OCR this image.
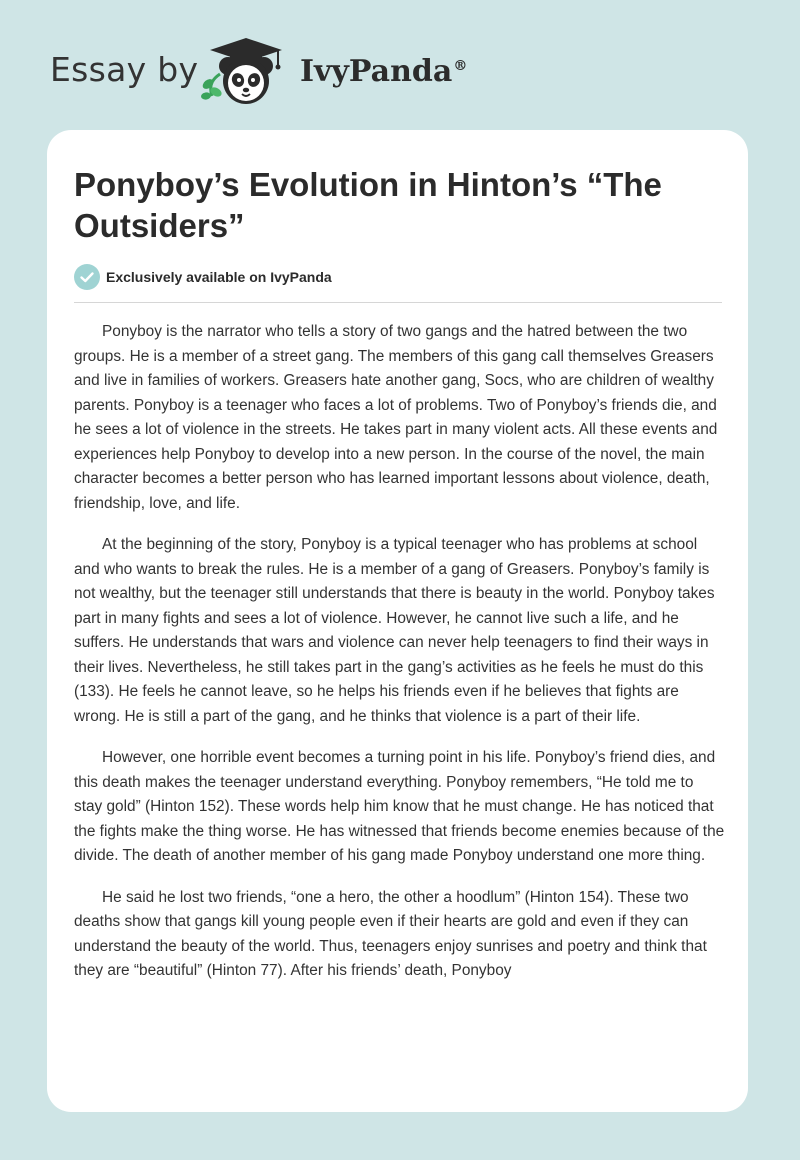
Essay by	IvyPanda®
Ponyboy’s Evolution in Hinton’s “The Outsiders”
Exclusively available on IvyPanda

Ponyboy is the narrator who tells a story of two gangs and the hatred between the two groups. He is a member of a street gang. The members of this gang call themselves Greasers and live in families of workers. Greasers hate another gang, Socs, who are children of wealthy parents. Ponyboy is a teenager who faces a lot of problems. Two of Ponyboy’s friends die, and he sees a lot of violence in the streets. He takes part in many violent acts. All these events and experiences help Ponyboy to develop into a new person. In the course of the novel, the main character becomes a better person who has learned important lessons about violence, death, friendship, love, and life.

At the beginning of the story, Ponyboy is a typical teenager who has problems at school and who wants to break the rules. He is a member of a gang of Greasers. Ponyboy’s family is not wealthy, but the teenager still understands that there is beauty in the world. Ponyboy takes part in many fights and sees a lot of violence. However, he cannot live such a life, and he suffers. He understands that wars and violence can never help teenagers to find their ways in their lives. Nevertheless, he still takes part in the gang’s activities as he feels he must do this (133). He feels he cannot leave, so he helps his friends even if he believes that fights are wrong. He is still a part of the gang, and he thinks that violence is a part of their life.

However, one horrible event becomes a turning point in his life. Ponyboy’s friend dies, and this death makes the teenager understand everything. Ponyboy remembers, “He told me to stay gold” (Hinton 152). These words help him know that he must change. He has noticed that the fights make the thing worse. He has witnessed that friends become enemies because of the divide. The death of another member of his gang made Ponyboy understand one more thing.

He said he lost two friends, “one a hero, the other a hoodlum” (Hinton 154). These two deaths show that gangs kill young people even if their hearts are gold and even if they can understand the beauty of the world. Thus, teenagers enjoy sunrises and poetry and think that they are “beautiful” (Hinton 77). After his friends’ death, Ponyboy
